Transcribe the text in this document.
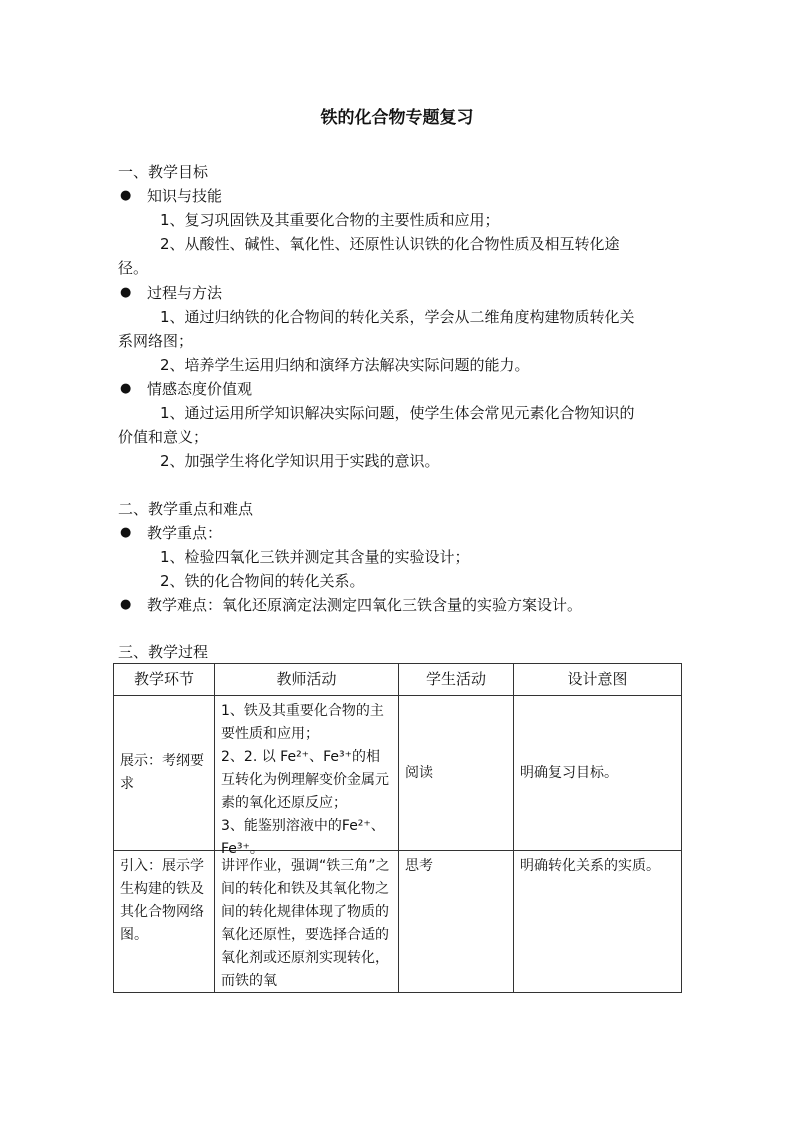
铁的化合物专题复习
一、教学目标
● 知识与技能
1、复习巩固铁及其重要化合物的主要性质和应用；
2、从酸性、碱性、氧化性、还原性认识铁的化合物性质及相互转化途
径。
● 过程与方法
1、通过归纳铁的化合物间的转化关系，学会从二维角度构建物质转化关
系网络图；
2、培养学生运用归纳和演绎方法解决实际问题的能力。
● 情感态度价值观
1、通过运用所学知识解决实际问题，使学生体会常见元素化合物知识的
价值和意义；
2、加强学生将化学知识用于实践的意识。
二、教学重点和难点
● 教学重点：
1、检验四氧化三铁并测定其含量的实验设计；
2、铁的化合物间的转化关系。
● 教学难点：氧化还原滴定法测定四氧化三铁含量的实验方案设计。
三、教学过程
教学环节	教师活动	学生活动	设计意图
展示：考纲要求	1、铁及其重要化合物的主要性质和应用；
2、2. 以 Fe²⁺、Fe³⁺的相互转化为例理解变价金属元素的氧化还原反应；
3、能鉴别溶液中的Fe²⁺、Fe³⁺。	阅读	明确复习目标。
引入：展示学生构建的铁及其化合物网络图。	讲评作业，强调“铁三角”之间的转化和铁及其氧化物之间的转化规律体现了物质的氧化还原性，要选择合适的氧化剂或还原剂实现转化，而铁的氧	思考	明确转化关系的实质。
